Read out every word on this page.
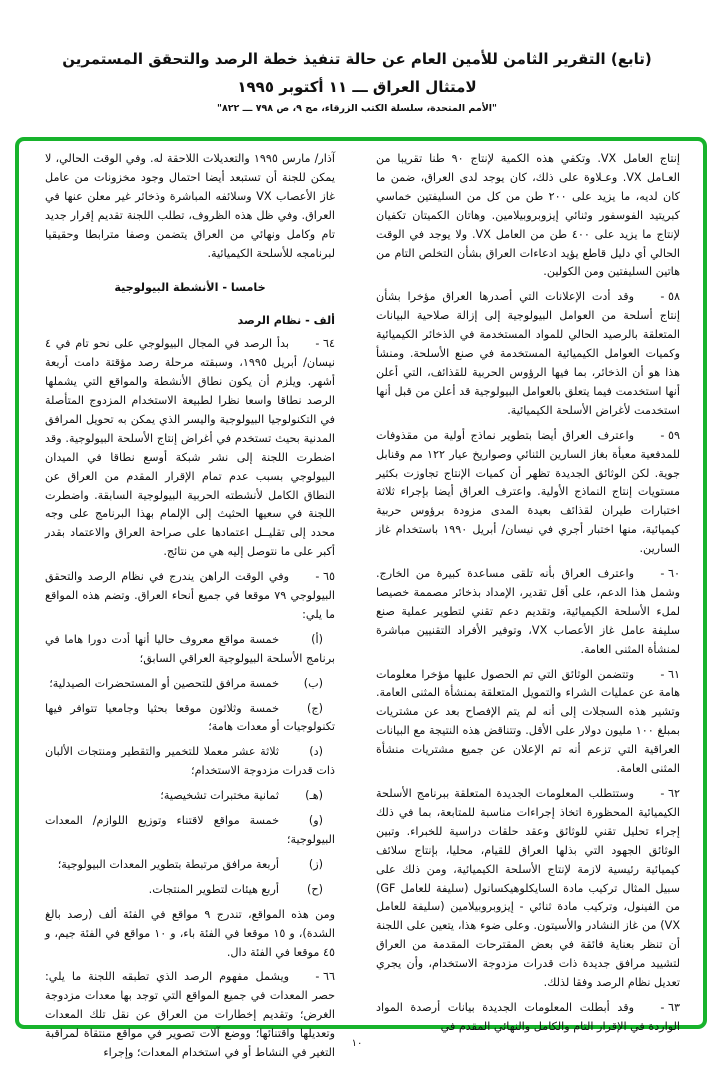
(تابع) التقرير الثامن للأمين العام عن حالة تنفيذ خطة الرصد والتحقق المستمرين
لامتثال العراق ـــ ١١ أكتوبر ١٩٩٥
"الأمم المتحدة، سلسلة الكتب الزرقاء، مج ٩، ص ٧٩٨ ـــ ٨٢٢"

إنتاج العامل VX. وتكفي هذه الكمية لإنتاج ٩٠ طنا تقريبا من العـامل VX. وعـلاوة على ذلك، كان يوجد لدى العراق، ضمن ما كان لديه، ما يزيد على ٢٠٠ طن من كل من السليفتين خماسي كبريتيد الفوسفور وثنائي إيزوبروبيلامين. وهاتان الكميتان تكفيان لإنتاج ما يزيد على ٤٠٠ طن من العامل VX. ولا يوجد في الوقت الحالي أي دليل قاطع يؤيد ادعاءات العراق بشأن التخلص التام من هاتين السليفتين ومن الكولين.

٥٨ -وقد أدت الإعلانات التي أصدرها العراق مؤخرا بشأن إنتاج أسلحة من العوامل البيولوجية إلى إزالة صلاحية البيانات المتعلقة بالرصيد الحالي للمواد المستخدمة في الذخائر الكيميائية وكميات العوامل الكيميائية المستخدمة في صنع الأسلحة. ومنشأ هذا هو أن الذخائر، بما فيها الرؤوس الحربية للقذائف، التي أعلن أنها استخدمت فيما يتعلق بالعوامل البيولوجية قد أعلن من قبل أنها استخدمت لأغراض الأسلحة الكيميائية.

٥٩ -واعترف العراق أيضا بتطوير نماذج أولية من مقذوفات للمدفعية معبأة بغاز السارين الثنائي وصواريخ عيار ١٢٢ مم وقنابل جوية. لكن الوثائق الجديدة تظهر أن كميات الإنتاج تجاوزت بكثير مستويات إنتاج النماذج الأولية. واعترف العراق أيضا بإجراء ثلاثة اختبارات طيران لقذائف بعيدة المدى مزودة برؤوس حربية كيميائية، منها اختبار أجري في نيسان/ أبريل ١٩٩٠ باستخدام غاز السارين.

٦٠ -واعترف العراق بأنه تلقى مساعدة كبيرة من الخارج. وشمل هذا الدعم، على أقل تقدير، الإمداد بذخائر مصممة خصيصا لملء الأسلحة الكيميائية، وتقديم دعم تقني لتطوير عملية صنع سليفة عامل غاز الأعصاب VX، وتوفير الأفراد التقنيين مباشرة لمنشأة المثنى العامة.

٦١ -وتتضمن الوثائق التي تم الحصول عليها مؤخرا معلومات هامة عن عمليات الشراء والتمويل المتعلقة بمنشأة المثنى العامة. وتشير هذه السجلات إلى أنه لم يتم الإفصاح بعد عن مشتريات بمبلغ ١٠٠ مليون دولار على الأقل. وتتناقض هذه النتيجة مع البيانات العراقية التي تزعم أنه تم الإعلان عن جميع مشتريات منشأة المثنى العامة.

٦٢ -وستتطلب المعلومات الجديدة المتعلقة ببرنامج الأسلحة الكيميائية المحظورة اتخاذ إجراءات مناسبة للمتابعة، بما في ذلك إجراء تحليل تقني للوثائق وعقد حلقات دراسية للخبراء. وتبين الوثائق الجهود التي بذلها العراق للقيام، محليا، بإنتاج سلائف كيميائية رئيسية لازمة لإنتاج الأسلحة الكيميائية، ومن ذلك على سبيل المثال تركيب مادة السايكلوهيكسانول (سليفة للعامل GF) من الفينول، وتركيب مادة ثنائي - إيزوبروبيلامين (سليفة للعامل VX) من غاز النشادر والأسيتون. وعلى ضوء هذا، يتعين على اللجنة أن تنظر بعناية فائقة في بعض المقترحات المقدمة من العراق لتشييد مرافق جديدة ذات قدرات مزدوجة الاستخدام، وأن يجري تعديل نظام الرصد وفقا لذلك.

٦٣ -وقد أبطلت المعلومات الجديدة بيانات أرصدة المواد الواردة في الإقرار التام والكامل والنهائي المقدم في

آذار/ مارس ١٩٩٥ والتعديلات اللاحقة له. وفي الوقت الحالي، لا يمكن للجنة أن تستبعد أيضا احتمال وجود مخزونات من عامل غاز الأعصاب VX وسلائفه المباشرة وذخائر غير معلن عنها في العراق. وفي ظل هذه الظروف، تطلب اللجنة تقديم إقرار جديد تام وكامل ونهائي من العراق يتضمن وصفا مترابطا وحقيقيا لبرنامجه للأسلحة الكيميائية.

خامسا - الأنشطة البيولوجية

ألف - نظام الرصد

٦٤ -بدأ الرصد في المجال البيولوجي على نحو تام في ٤ نيسان/ أبريل ١٩٩٥، وسبقته مرحلة رصد مؤقتة دامت أربعة أشهر. ويلزم أن يكون نطاق الأنشطة والمواقع التي يشملها الرصد نطاقا واسعا نظرا لطبيعة الاستخدام المزدوج المتأصلة في التكنولوجيا البيولوجية واليسر الذي يمكن به تحويل المرافق المدنية بحيث تستخدم في أغراض إنتاج الأسلحة البيولوجية. وقد اضطرت اللجنة إلى نشر شبكة أوسع نطاقا في الميدان البيولوجي بسبب عدم تمام الإقرار المقدم من العراق عن النطاق الكامل لأنشطته الحربية البيولوجية السابقة. واضطرت اللجنة في سعيها الحثيث إلى الإلمام بهذا البرنامج على وجه محدد إلى تقليــل اعتمادها على صراحة العراق والاعتماد بقدر أكبر على ما نتوصل إليه هي من نتائج.

٦٥ -وفي الوقت الراهن يندرج في نظام الرصد والتحقق البيولوجي ٧٩ موقعا في جميع أنحاء العراق. وتضم هذه المواقع ما يلي:

(أ)خمسة مواقع معروف حاليا أنها أدت دورا هاما في برنامج الأسلحة البيولوجية العراقي السابق؛

(ب)خمسة مرافق للتحصين أو المستحضرات الصيدلية؛

(ج)خمسة وثلاثون موقعا بحثيا وجامعيا تتوافر فيها تكنولوجيات أو معدات هامة؛

(د)ثلاثة عشر معملا للتخمير والتقطير ومنتجات الألبان ذات قدرات مزدوجة الاستخدام؛

(هـ)ثمانية مختبرات تشخيصية؛

(و)خمسة مواقع لاقتناء وتوزيع اللوازم/ المعدات البيولوجية؛

(ز)أربعة مرافق مرتبطة بتطوير المعدات البيولوجية؛

(ح)أربع هيئات لتطوير المنتجات.

ومن هذه المواقع، تندرج ٩ مواقع في الفئة ألف (رصد بالغ الشدة)، و ١٥ موقعا في الفئة باء، و ١٠ مواقع في الفئة جيم، و ٤٥ موقعا في الفئة دال.

٦٦ -ويشمل مفهوم الرصد الذي تطبقه اللجنة ما يلي: حصر المعدات في جميع المواقع التي توجد بها معدات مزدوجة الغرض؛ وتقديم إخطارات من العراق عن نقل تلك المعدات وتعديلها واقتنائها؛ ووضع آلات تصوير في مواقع منتقاة لمراقبة التغير في النشاط أو في استخدام المعدات؛ وإجراء

١٠
